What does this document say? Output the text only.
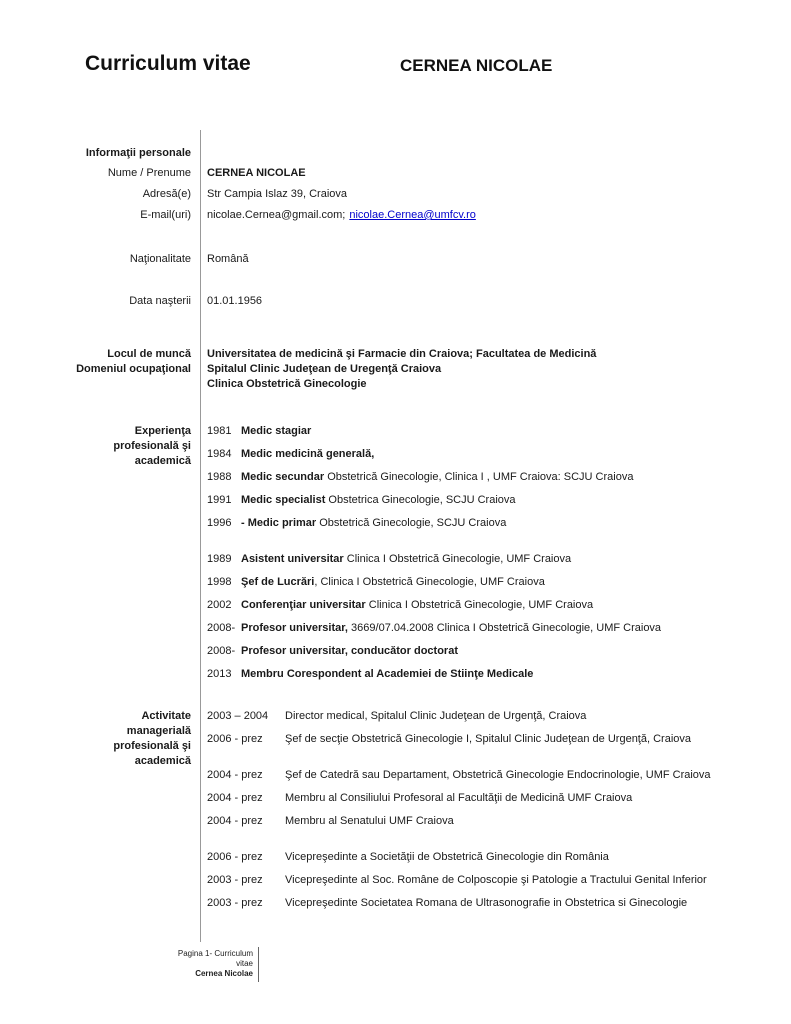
Curriculum vitae	CERNEA NICOLAE
Informaţii personale
Nume / Prenume	CERNEA NICOLAE
Adresă(e)	Str Campia Islaz 39, Craiova
E-mail(uri)	nicolae.Cernea@gmail.com; nicolae.Cernea@umfcv.ro
Naţionalitate	Română
Data naşterii	01.01.1956
Locul de muncă
Domeniul ocupaţional
Universitatea de medicină şi Farmacie din Craiova; Facultatea de Medicină
Spitalul Clinic Judeţean de Uregenţă Craiova
Clinica Obstetrică Ginecologie
Experienţa
profesională şi
academică
1981 Medic stagiar
1984 Medic medicină generală,
1988 Medic secundar Obstetrică Ginecologie, Clinica I , UMF Craiova: SCJU Craiova
1991 Medic specialist Obstetrica Ginecologie, SCJU Craiova
1996 - Medic primar Obstetrică Ginecologie, SCJU Craiova
1989 Asistent universitar Clinica I Obstetrică Ginecologie, UMF Craiova
1998 Şef de Lucrări, Clinica I Obstetrică Ginecologie, UMF Craiova
2002 Conferenţiar universitar Clinica I Obstetrică Ginecologie, UMF Craiova
2008- Profesor universitar, 3669/07.04.2008 Clinica I Obstetrică Ginecologie, UMF Craiova
2008- Profesor universitar, conducător doctorat
2013 Membru Corespondent al Academiei de Stiinţe Medicale
Activitate
managerială
profesională şi
academică
2003 – 2004	Director medical, Spitalul Clinic Judeţean de Urgenţă, Craiova
2006 - prez	Şef de secţie Obstetrică Ginecologie I, Spitalul Clinic Judeţean de Urgenţă, Craiova
2004 - prez	Şef de Catedră sau Departament, Obstetrică Ginecologie Endocrinologie, UMF Craiova
2004 - prez	Membru al Consiliului Profesoral al Facultăţii de Medicină UMF Craiova
2004 - prez	Membru al Senatului UMF Craiova
2006 - prez	Vicepreşedinte a Societăţii de Obstetrică Ginecologie din România
2003 - prez	Vicepreşedinte al Soc. Române de Colposcopie şi Patologie a Tractului Genital Inferior
2003 - prez	Vicepreşedinte Societatea Romana de Ultrasonografie in Obstetrica si Ginecologie
Pagina 1- Curriculum vitae
Cernea Nicolae
